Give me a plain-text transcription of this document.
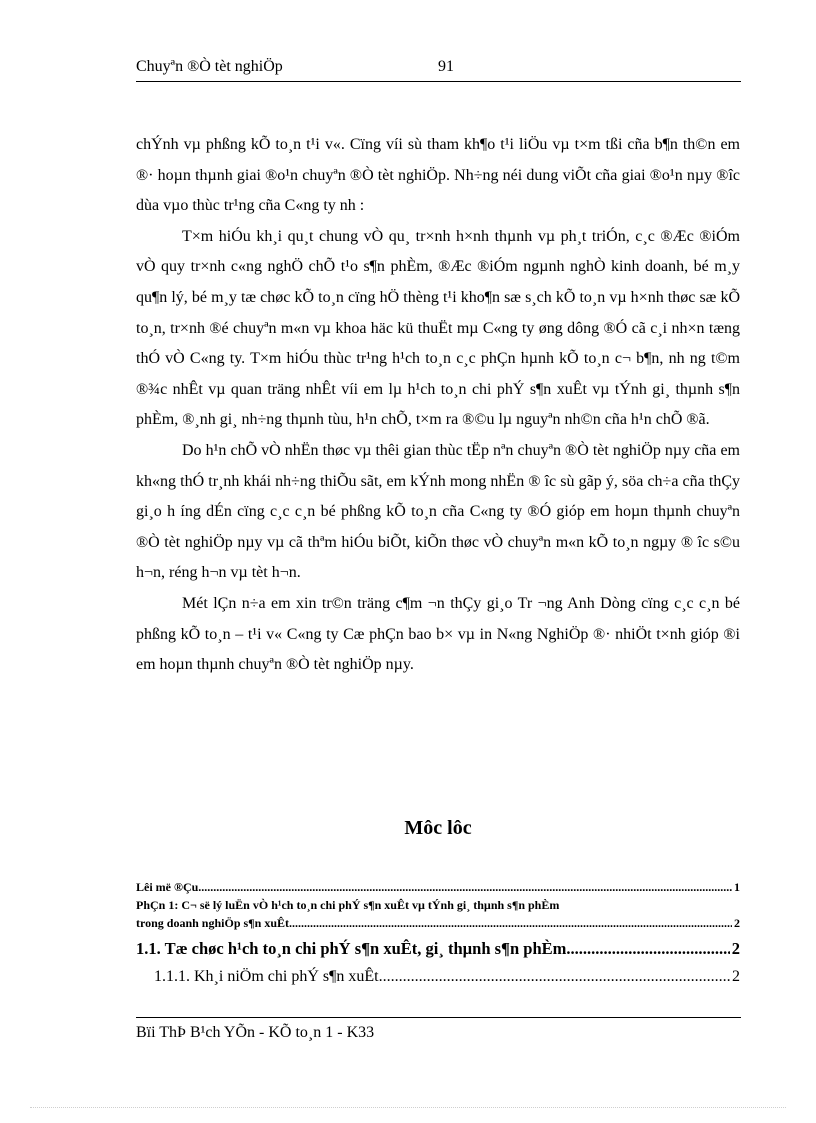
Chuyªn ®Ò tèt nghiÖp	91

chÝnh vµ phßng kÕ to¸n t¹i v«. Cïng víi sù tham kh¶o t¹i liÖu vµ t×m tßi cña b¶n th©n em ®· hoµn thµnh giai ®o¹n chuyªn ®Ò tèt nghiÖp. Nh÷ng néi dung viÕt cña giai ®o¹n nµy ®îc dùa vµo thùc tr¹ng cña C«ng ty nh :

T×m hiÓu kh¸i qu¸t chung vÒ qu¸ tr×nh h×nh thµnh vµ ph¸t triÓn, c¸c ®Æc ®iÓm vÒ quy tr×nh c«ng nghÖ chÕ t¹o s¶n phÈm, ®Æc ®iÓm ngµnh nghÒ kinh doanh, bé m¸y qu¶n lý, bé m¸y tæ chøc kÕ to¸n cïng hÖ thèng t¹i kho¶n sæ s¸ch kÕ to¸n vµ h×nh thøc sæ kÕ to¸n, tr×nh ®é chuyªn m«n vµ khoa häc kü thuËt mµ C«ng ty øng dông ®Ó cã c¸i nh×n tæng thÓ vÒ C«ng ty. T×m hiÓu thùc tr¹ng h¹ch to¸n c¸c phÇn hµnh kÕ to¸n c¬ b¶n, nh ng t©m ®¾c nhÊt vµ quan träng nhÊt víi em lµ h¹ch to¸n chi phÝ s¶n xuÊt vµ tÝnh gi¸ thµnh s¶n phÈm, ®¸nh gi¸ nh÷ng thµnh tùu, h¹n chÕ, t×m ra ®©u lµ nguyªn nh©n cña h¹n chÕ ®ã.

Do h¹n chÕ vÒ nhËn thøc vµ thêi gian thùc tËp nªn chuyªn ®Ò tèt nghiÖp nµy cña em kh«ng thÓ tr¸nh khái nh÷ng thiÕu sãt, em kÝnh mong nhËn ® îc sù gãp ý, söa ch÷a cña thÇy gi¸o h íng dÉn cïng c¸c c¸n bé phßng kÕ to¸n cña C«ng ty ®Ó gióp em hoµn thµnh chuyªn ®Ò tèt nghiÖp nµy vµ cã thªm hiÓu biÕt, kiÕn thøc vÒ chuyªn m«n kÕ to¸n ngµy ® îc s©u h¬n, réng h¬n vµ tèt h¬n.

Mét lÇn n÷a em xin tr©n träng c¶m ¬n thÇy gi¸o Tr ¬ng Anh Dòng cïng c¸c c¸n bé phßng kÕ to¸n – t¹i v« C«ng ty Cæ phÇn bao b× vµ in N«ng NghiÖp ®· nhiÖt t×nh gióp ®i em hoµn thµnh chuyªn ®Ò tèt nghiÖp nµy.

Môc lôc
Lêi më ®Çu .....	1
PhÇn 1: C¬ së lý luËn vÒ h¹ch to¸n chi phÝ s¶n xuÊt vµ tÝnh gi¸ thµnh s¶n phÈm
trong doanh nghiÖp s¶n xuÊt .....	2
1.1. Tæ chøc h¹ch to¸n chi phÝ s¶n xuÊt, gi¸ thµnh s¶n phÈm .....	2
1.1.1. Kh¸i niÖm chi phÝ s¶n xuÊt .....	2
Bïi ThÞ B¹ch YÕn - KÕ to¸n 1 - K33
